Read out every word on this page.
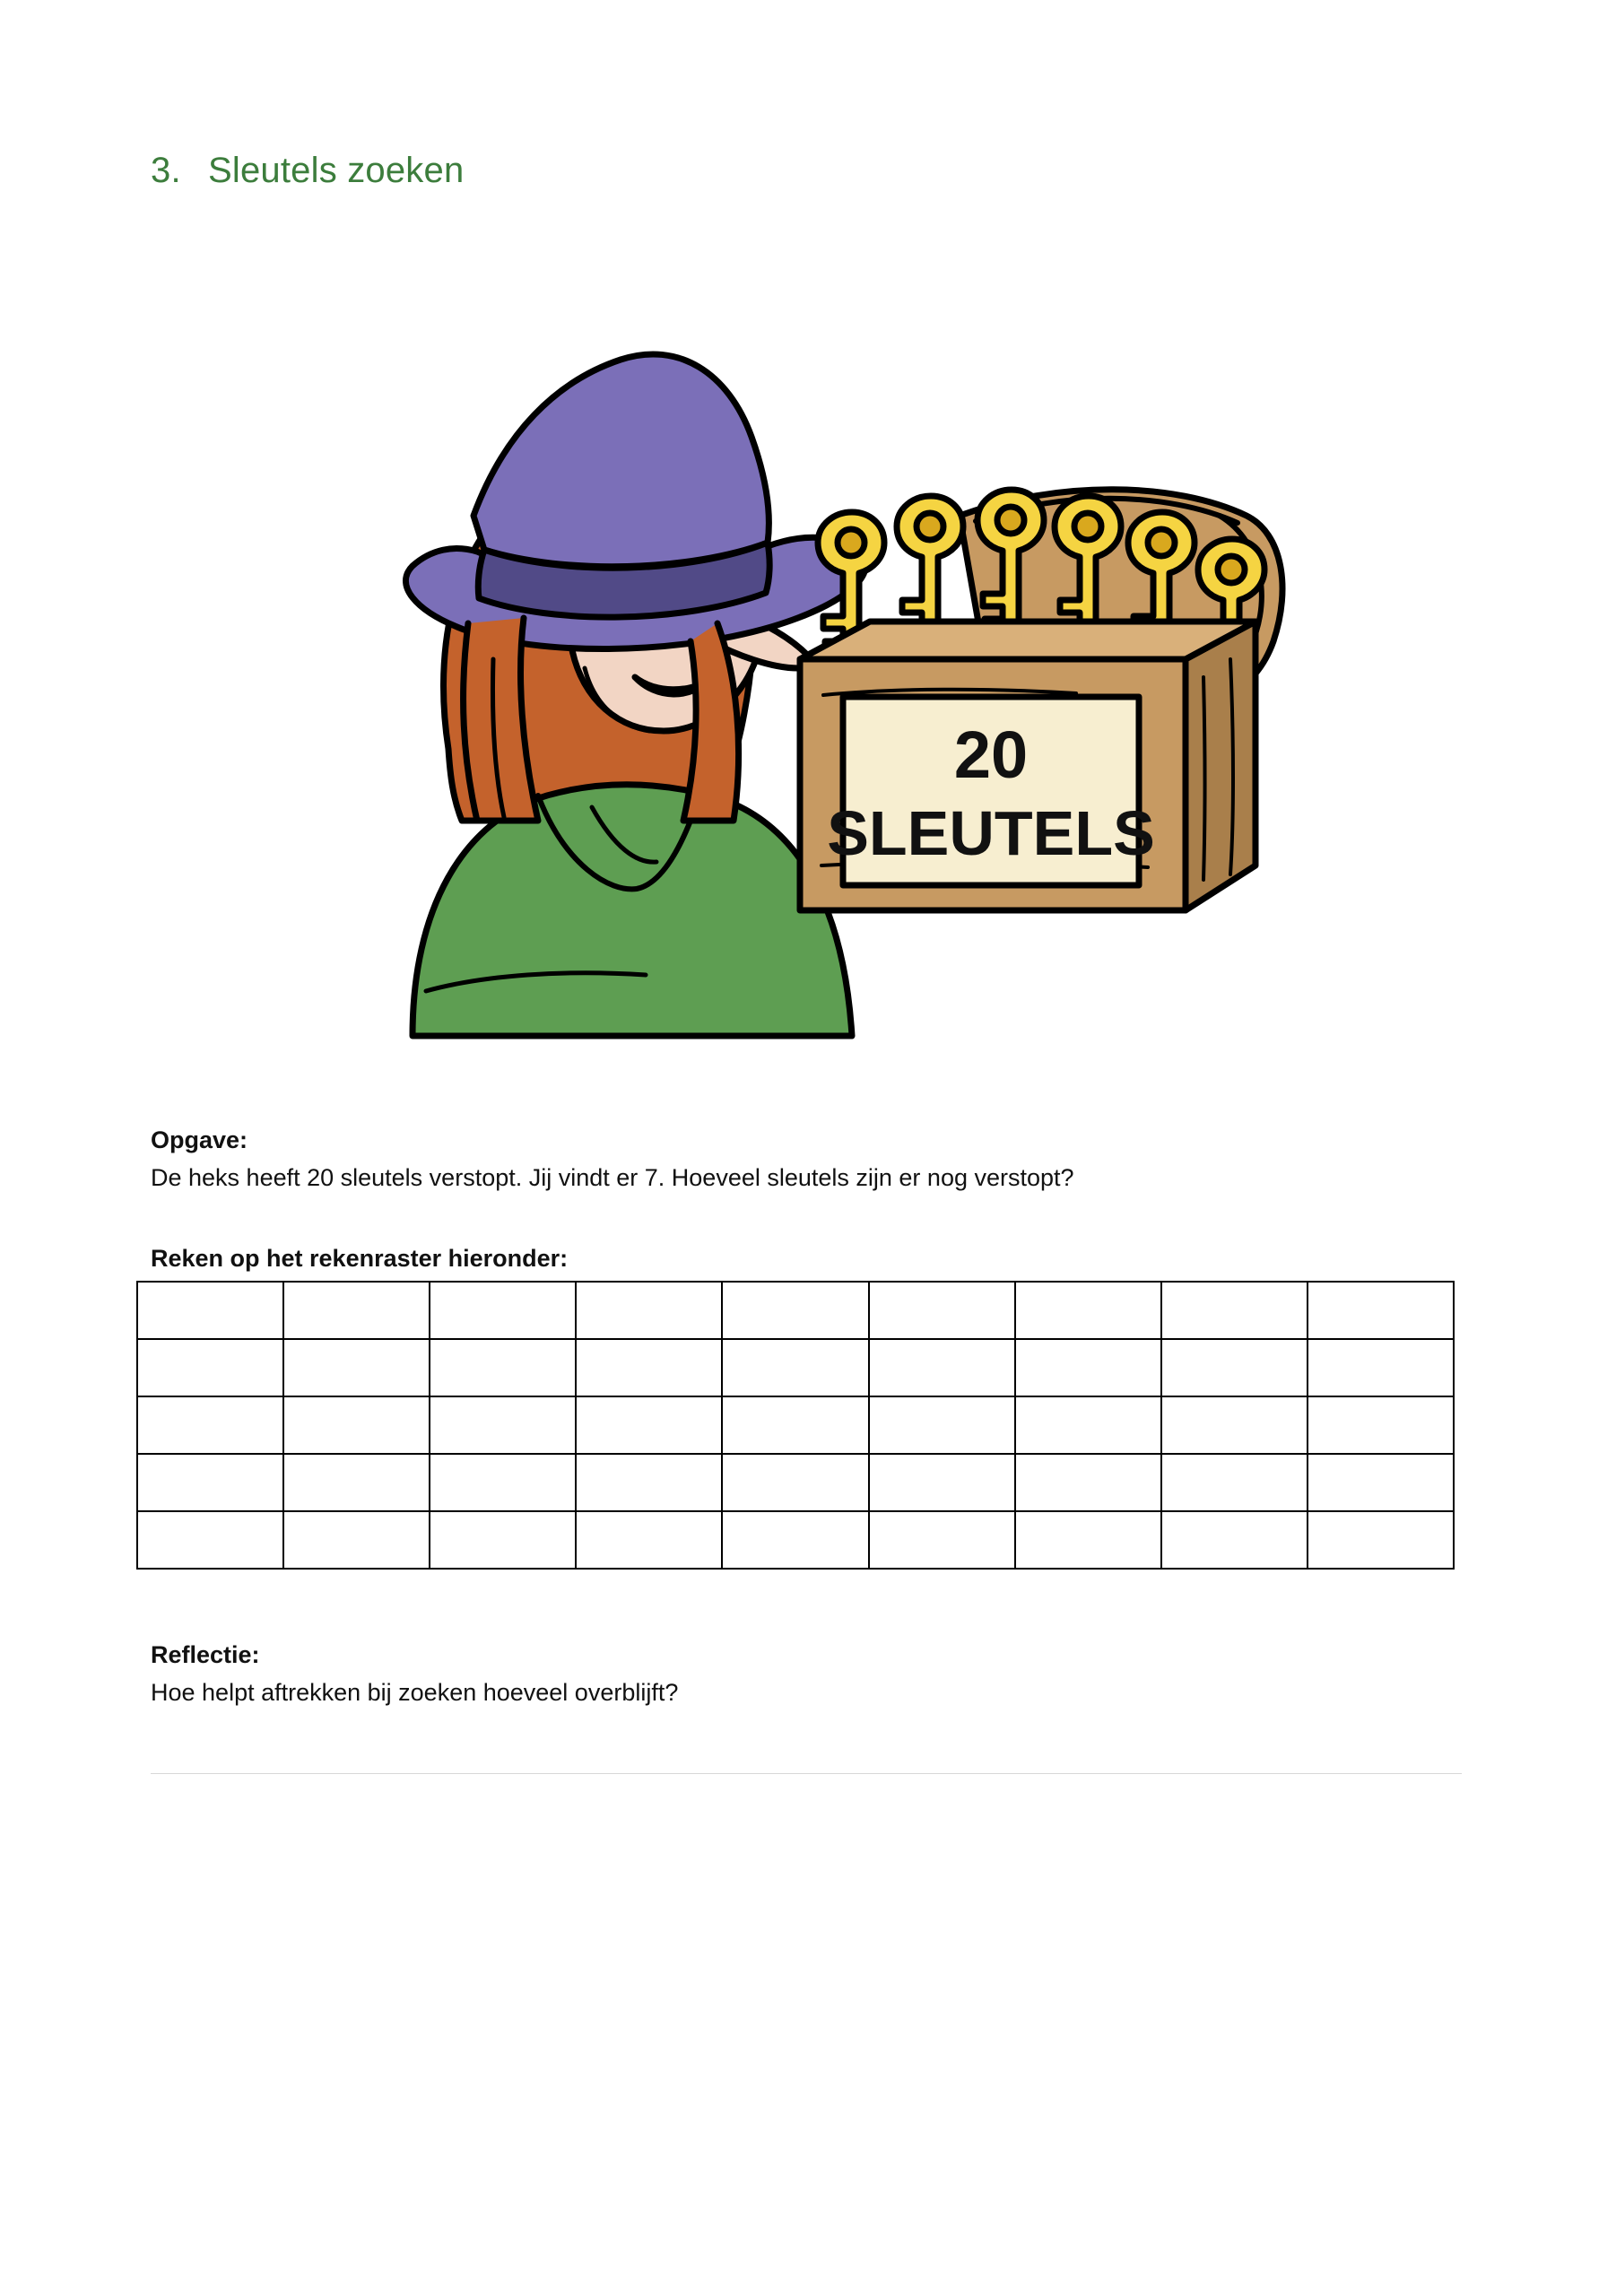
3. Sleutels zoeken
20
SLEUTELS

Opgave:

De heks heeft 20 sleutels verstopt. Jij vindt er 7. Hoeveel sleutels zijn er nog verstopt?

Reken op het rekenraster hieronder:

Reflectie:

Hoe helpt aftrekken bij zoeken hoeveel overblijft?
